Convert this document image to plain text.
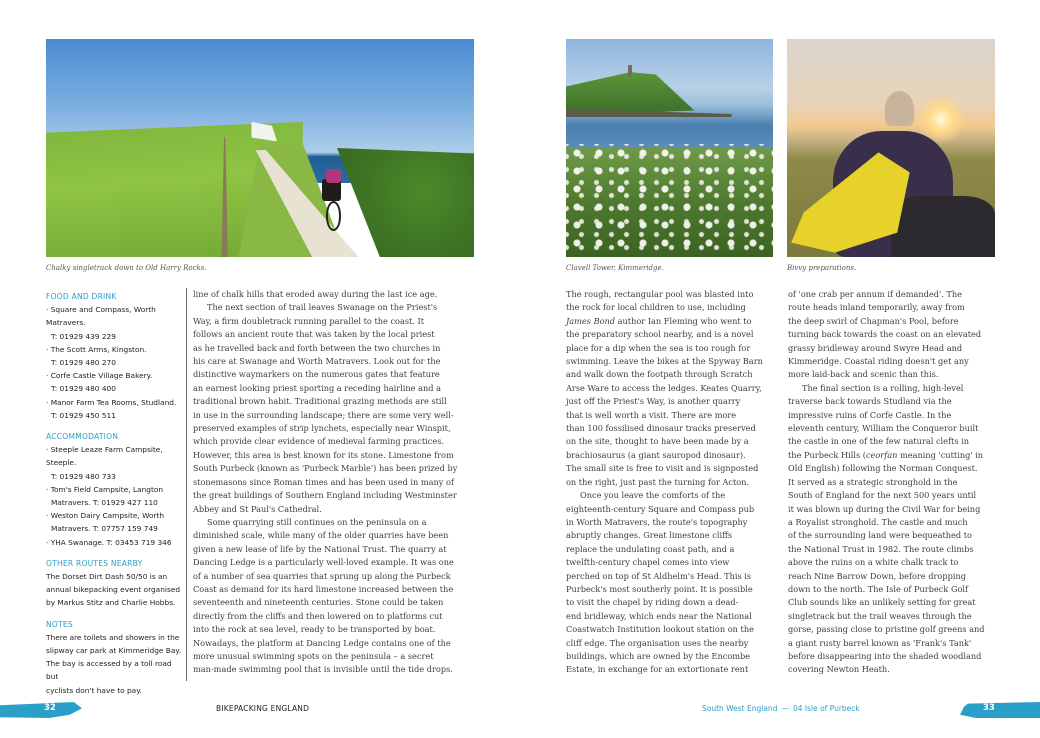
Chalky singletrack down to Old Harry Rocks.	Clavell Tower, Kimmeridge.	Bivvy preparations.
FOOD AND DRINK
· Square and Compass, Worth Matravers.
T: 01929 439 229
· The Scott Arms, Kingston.
T: 01929 480 270
· Corfe Castle Village Bakery.
T: 01929 480 400
· Manor Farm Tea Rooms, Studland.
T: 01929 450 511
ACCOMMODATION
· Steeple Leaze Farm Campsite, Steeple.
T: 01929 480 733
· Tom's Field Campsite, Langton
Matravers. T: 01929 427 110
· Weston Dairy Campsite, Worth
Matravers. T: 07757 159 749
· YHA Swanage. T: 03453 719 346
OTHER ROUTES NEARBY
The Dorset Dirt Dash 50/50 is an
annual bikepacking event organised
by Markus Stitz and Charlie Hobbs.
NOTES
There are toilets and showers in the
slipway car park at Kimmeridge Bay.
The bay is accessed by a toll road but
cyclists don't have to pay.
line of chalk hills that eroded away during the last ice age.
The next section of trail leaves Swanage on the Priest's
Way, a firm doubletrack running parallel to the coast. It
follows an ancient route that was taken by the local priest
as he travelled back and forth between the two churches in
his care at Swanage and Worth Matravers. Look out for the
distinctive waymarkers on the numerous gates that feature
an earnest looking priest sporting a receding hairline and a
traditional brown habit. Traditional grazing methods are still
in use in the surrounding landscape; there are some very well-
preserved examples of strip lynchets, especially near Winspit,
which provide clear evidence of medieval farming practices.
However, this area is best known for its stone. Limestone from
South Purbeck (known as 'Purbeck Marble') has been prized by
stonemasons since Roman times and has been used in many of
the great buildings of Southern England including Westminster
Abbey and St Paul's Cathedral.
Some quarrying still continues on the peninsula on a
diminished scale, while many of the older quarries have been
given a new lease of life by the National Trust. The quarry at
Dancing Ledge is a particularly well-loved example. It was one
of a number of sea quarries that sprung up along the Purbeck
Coast as demand for its hard limestone increased between the
seventeenth and nineteenth centuries. Stone could be taken
directly from the cliffs and then lowered on to platforms cut
into the rock at sea level, ready to be transported by boat.
Nowadays, the platform at Dancing Ledge contains one of the
more unusual swimming spots on the peninsula – a secret
man-made swimming pool that is invisible until the tide drops.
The rough, rectangular pool was blasted into
the rock for local children to use, including
James Bond author Ian Fleming who went to
the preparatory school nearby, and is a novel
place for a dip when the sea is too rough for
swimming. Leave the bikes at the Spyway Barn
and walk down the footpath through Scratch
Arse Ware to access the ledges. Keates Quarry,
just off the Priest's Way, is another quarry
that is well worth a visit. There are more
than 100 fossilised dinosaur tracks preserved
on the site, thought to have been made by a
brachiosaurus (a giant sauropod dinosaur).
The small site is free to visit and is signposted
on the right, just past the turning for Acton.
Once you leave the comforts of the
eighteenth-century Square and Compass pub
in Worth Matravers, the route's topography
abruptly changes. Great limestone cliffs
replace the undulating coast path, and a
twelfth-century chapel comes into view
perched on top of St Aldhelm's Head. This is
Purbeck's most southerly point. It is possible
to visit the chapel by riding down a dead-
end bridleway, which ends near the National
Coastwatch Institution lookout station on the
cliff edge. The organisation uses the nearby
buildings, which are owned by the Encombe
Estate, in exchange for an extortionate rent
of 'one crab per annum if demanded'. The
route heads inland temporarily, away from
the deep swirl of Chapman's Pool, before
turning back towards the coast on an elevated
grassy bridleway around Swyre Head and
Kimmeridge. Coastal riding doesn't get any
more laid-back and scenic than this.
The final section is a rolling, high-level
traverse back towards Studland via the
impressive ruins of Corfe Castle. In the
eleventh century, William the Conqueror built
the castle in one of the few natural clefts in
the Purbeck Hills (ceorfan meaning 'cutting' in
Old English) following the Norman Conquest.
It served as a strategic stronghold in the
South of England for the next 500 years until
it was blown up during the Civil War for being
a Royalist stronghold. The castle and much
of the surrounding land were bequeathed to
the National Trust in 1982. The route climbs
above the ruins on a white chalk track to
reach Nine Barrow Down, before dropping
down to the north. The Isle of Purbeck Golf
Club sounds like an unlikely setting for great
singletrack but the trail weaves through the
gorse, passing close to pristine golf greens and
a giant rusty barrel known as 'Frank's Tank'
before disappearing into the shaded woodland
covering Newton Heath.
32	BIKEPACKING ENGLAND	South West England — 04 Isle of Purbeck	33
